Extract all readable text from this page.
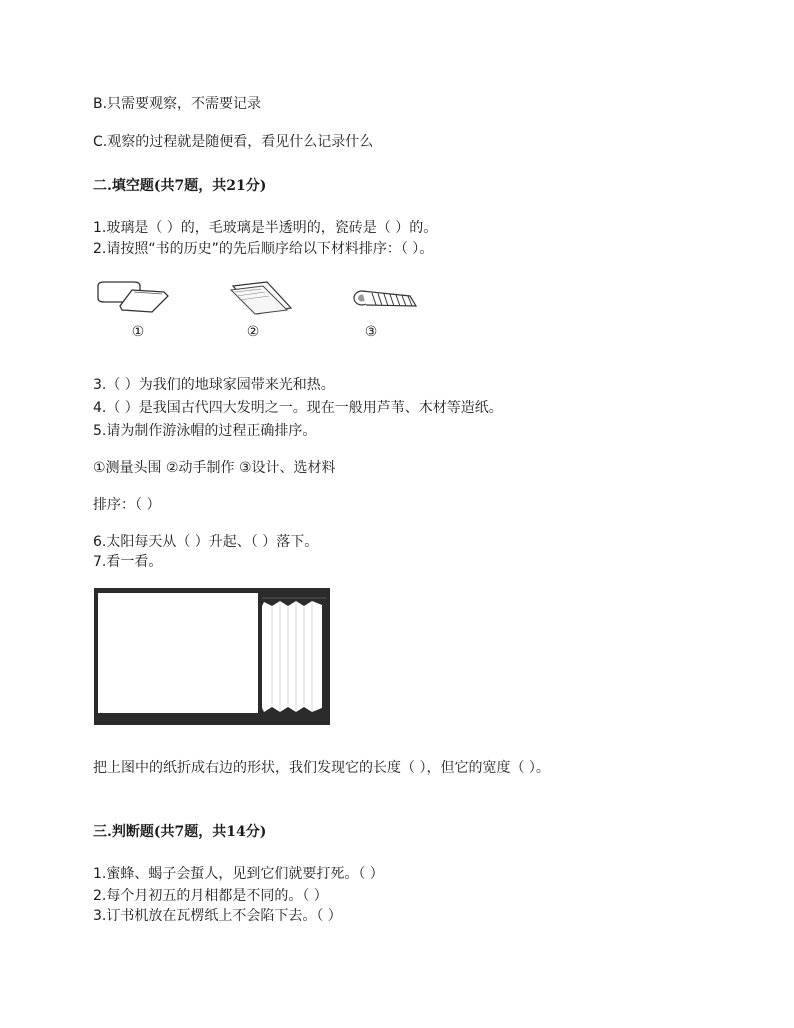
B.只需要观察，不需要记录
C.观察的过程就是随便看，看见什么记录什么
二.填空题(共7题，共21分)
1.玻璃是（ ）的，毛玻璃是半透明的，瓷砖是（ ）的。
2.请按照“书的历史”的先后顺序给以下材料排序：（ ）。
①	②	③
3.（ ）为我们的地球家园带来光和热。
4.（ ）是我国古代四大发明之一。现在一般用芦苇、木材等造纸。
5.请为制作游泳帽的过程正确排序。
①测量头围 ②动手制作 ③设计、选材料
排序：（ ）
6.太阳每天从（ ）升起、（ ）落下。
7.看一看。
把上图中的纸折成右边的形状，我们发现它的长度（ ），但它的宽度（ ）。
三.判断题(共7题，共14分)
1.蜜蜂、蝎子会蜇人，见到它们就要打死。（ ）
2.每个月初五的月相都是不同的。（ ）
3.订书机放在瓦楞纸上不会陷下去。（ ）
